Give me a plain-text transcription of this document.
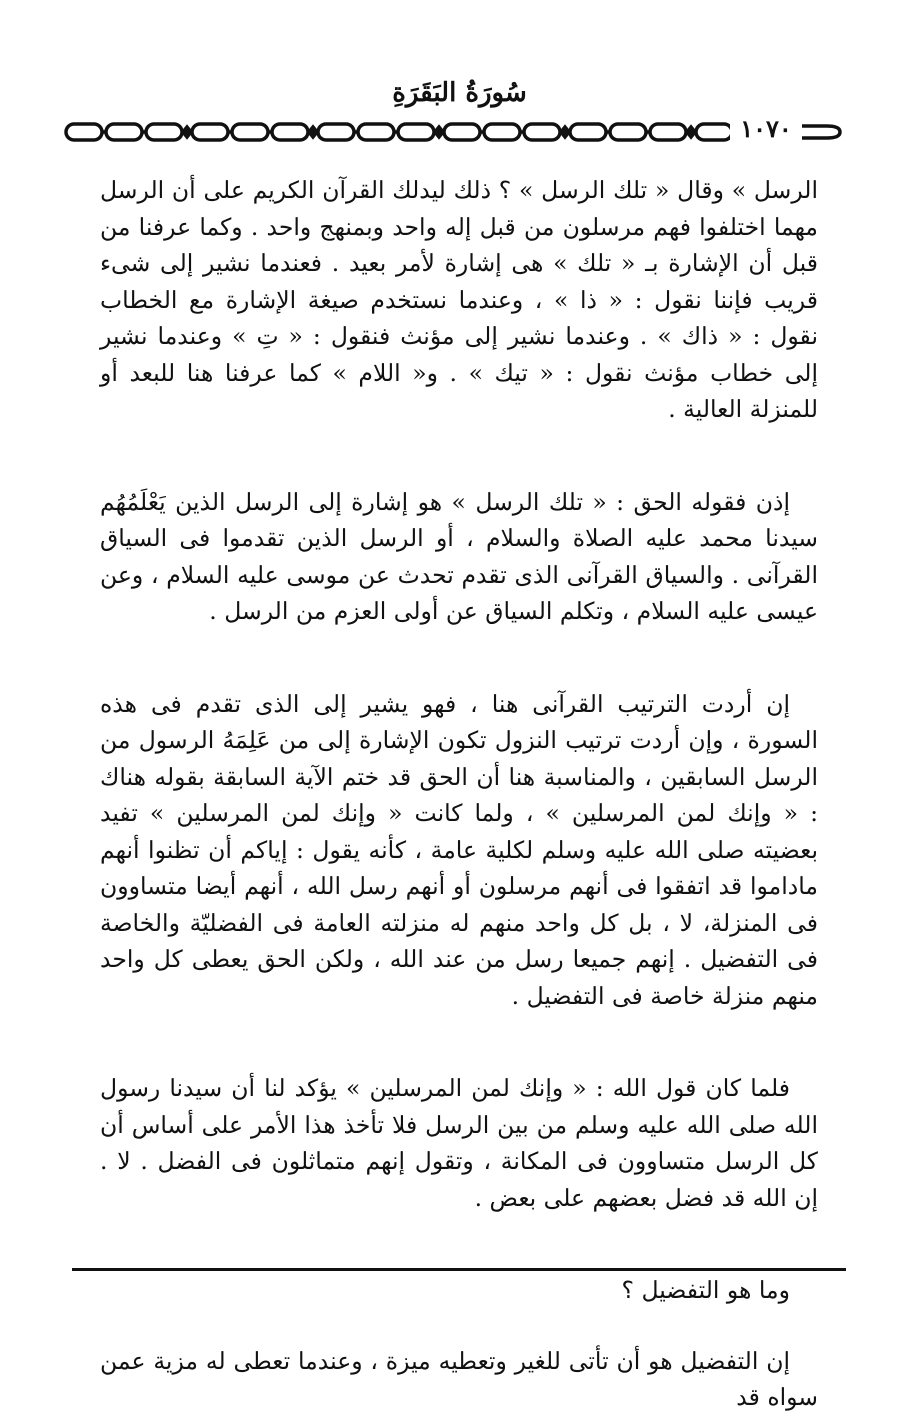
سُورَةُ البَقَرَةِ
١٠٧٠

الرسل » وقال « تلك الرسل » ؟ ذلك ليدلك القرآن الكريم على أن الرسل مهما اختلفوا فهم مرسلون من قبل إله واحد وبمنهج واحد . وكما عرفنا من قبل أن الإشارة بـ « تلك » هى إشارة لأمر بعيد . فعندما نشير إلى شىء قريب فإننا نقول : « ذا » ، وعندما نستخدم صيغة الإشارة مع الخطاب نقول : « ذاك » . وعندما نشير إلى مؤنث فنقول : « تِ » وعندما نشير إلى خطاب مؤنث نقول : « تيك » . و« اللام » كما عرفنا هنا للبعد أو للمنزلة العالية .

إذن فقوله الحق : « تلك الرسل » هو إشارة إلى الرسل الذين يَعْلَمُهُم سيدنا محمد عليه الصلاة والسلام ، أو الرسل الذين تقدموا فى السياق القرآنى . والسياق القرآنى الذى تقدم تحدث عن موسى عليه السلام ، وعن عيسى عليه السلام ، وتكلم السياق عن أولى العزم من الرسل .

إن أردت الترتيب القرآنى هنا ، فهو يشير إلى الذى تقدم فى هذه السورة ، وإن أردت ترتيب النزول تكون الإشارة إلى من عَلِمَهُ الرسول من الرسل السابقين ، والمناسبة هنا أن الحق قد ختم الآية السابقة بقوله هناك : « وإنك لمن المرسلين » ، ولما كانت « وإنك لمن المرسلين » تفيد بعضيته صلى الله عليه وسلم لكلية عامة ، كأنه يقول : إياكم أن تظنوا أنهم ماداموا قد اتفقوا فى أنهم مرسلون أو أنهم رسل الله ، أنهم أيضا متساوون فى المنزلة، لا ، بل كل واحد منهم له منزلته العامة فى الفضليّة والخاصة فى التفضيل . إنهم جميعا رسل من عند الله ، ولكن الحق يعطى كل واحد منهم منزلة خاصة فى التفضيل .

فلما كان قول الله : « وإنك لمن المرسلين » يؤكد لنا أن سيدنا رسول الله صلى الله عليه وسلم من بين الرسل فلا تأخذ هذا الأمر على أساس أن كل الرسل متساوون فى المكانة ، وتقول إنهم متماثلون فى الفضل . لا . إن الله قد فضل بعضهم على بعض .

وما هو التفضيل ؟

إن التفضيل هو أن تأتى للغير وتعطيه ميزة ، وعندما تعطى له مزية عمن سواه قد
